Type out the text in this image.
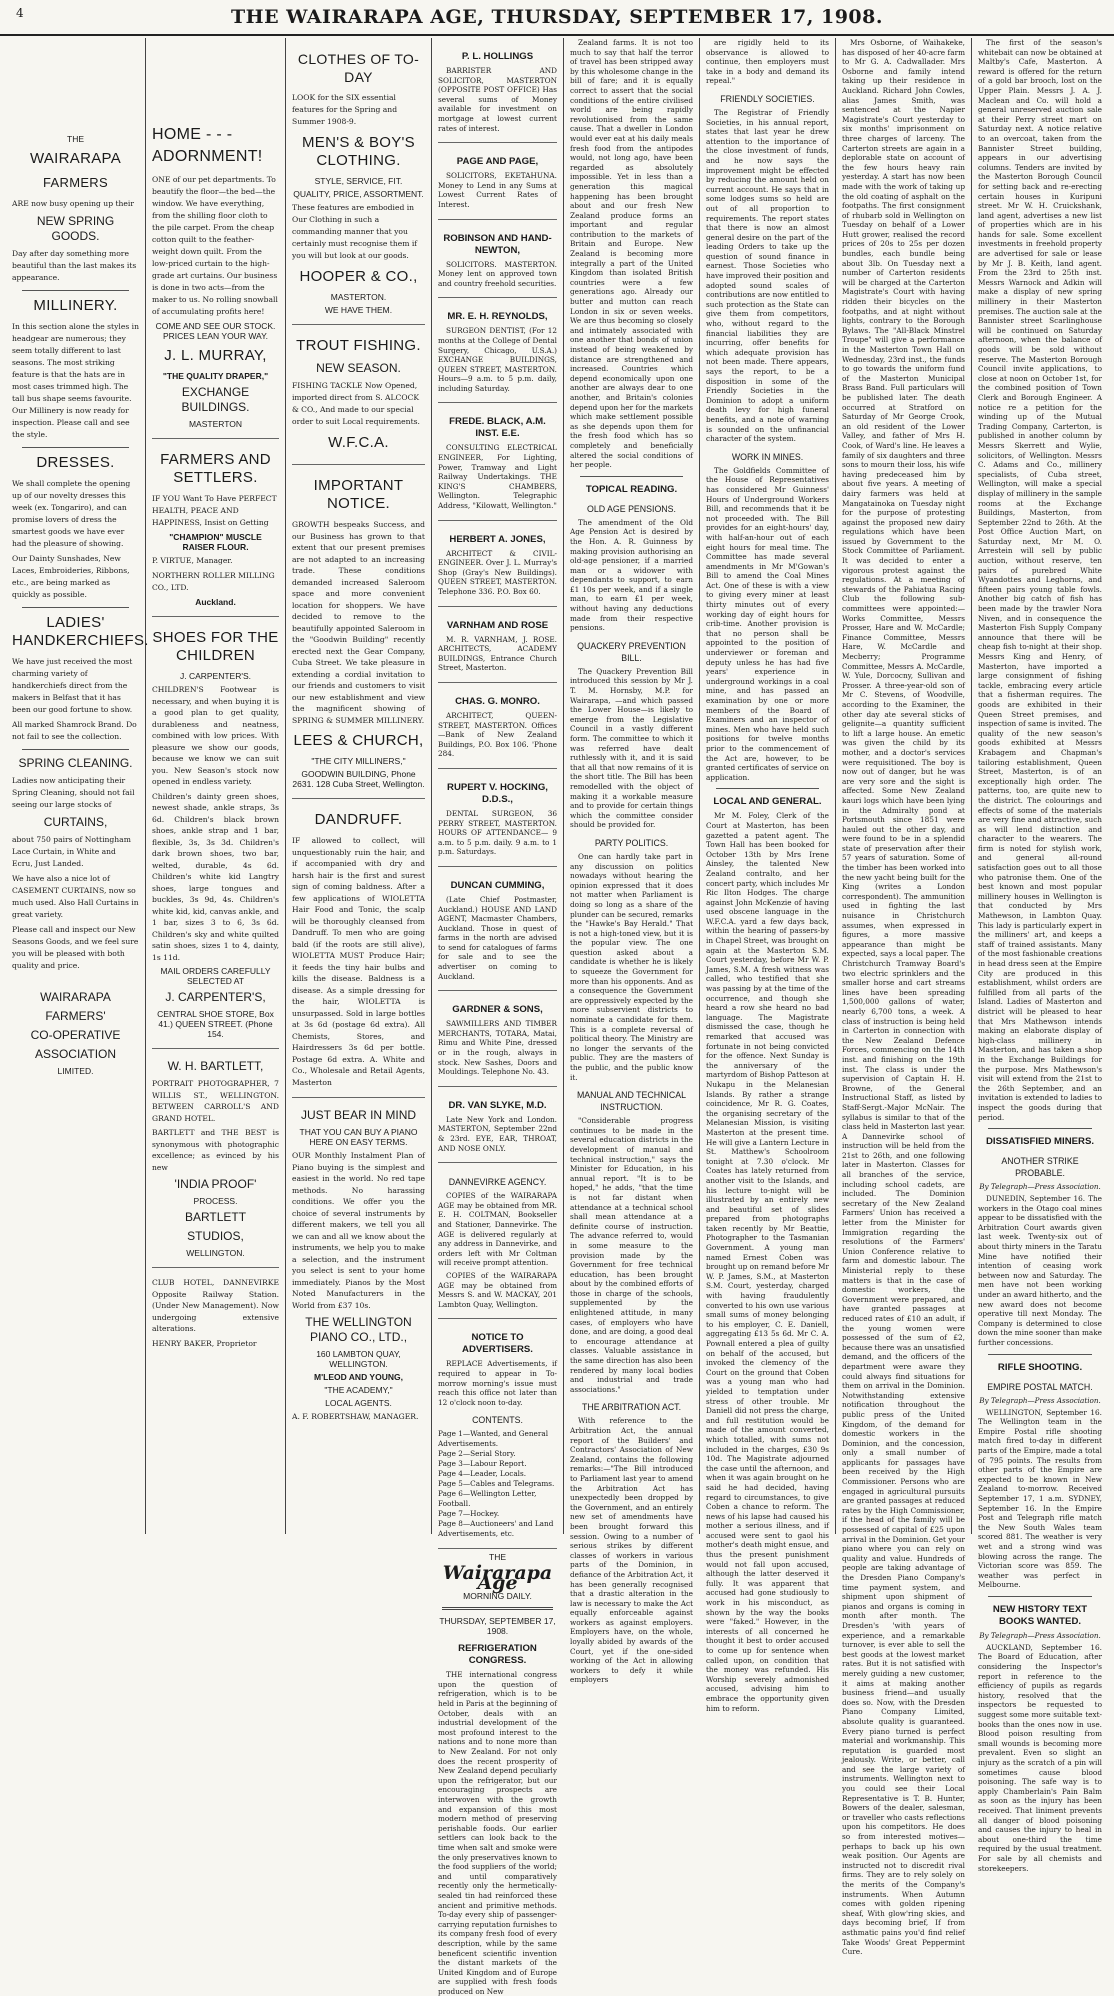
4	THE WAIRARAPA AGE, THURSDAY, SEPTEMBER 17, 1908.
THE
WAIRARAPA
FARMERS
ARE now busy opening up their
NEW SPRING GOODS.
Day after day something more beautiful than the last makes its appearance.
MILLINERY.
In this section alone the styles in headgear are numerous; they seem totally different to last seasons. The most striking feature is that the hats are in most cases trimmed high. The tall bus shape seems favourite. Our Millinery is now ready for inspection. Please call and see the style.
DRESSES.
We shall complete the opening up of our novelty dresses this week (ex. Tongariro), and can promise lovers of dress the smartest goods we have ever had the pleasure of showing.
Our Dainty Sunshades, New Laces, Embroideries, Ribbons, etc., are being marked as quickly as possible.
LADIES' HANDKERCHIEFS.
We have just received the most charming variety of handkerchiefs direct from the makers in Belfast that it has been our good fortune to show.
All marked Shamrock Brand. Do not fail to see the collection.
SPRING CLEANING.
Ladies now anticipating their Spring Cleaning, should not fail seeing our large stocks of
CURTAINS,
about 750 pairs of Nottingham Lace Curtain, in White and Ecru, Just Landed.
We have also a nice lot of CASEMENT CURTAINS, now so much used. Also Hall Curtains in great variety.
Please call and inspect our New Seasons Goods, and we feel sure you will be pleased with both quality and price.
WAIRARAPA
FARMERS'
CO-OPERATIVE
ASSOCIATION
LIMITED.
HOME - - - ADORNMENT!
ONE of our pet departments. To beautify the floor—the bed—the window. We have everything, from the shilling floor cloth to the pile carpet. From the cheap cotton quilt to the feather-weight down quilt. From the low-priced curtain to the high-grade art curtains. Our business is done in two acts—from the maker to us. No rolling snowball of accumulating profits here!
COME AND SEE OUR STOCK. PRICES LEAN YOUR WAY.
J. L. MURRAY,
"THE QUALITY DRAPER,"
EXCHANGE BUILDINGS.
MASTERTON
FARMERS AND SETTLERS.
IF YOU Want To Have PERFECT HEALTH, PEACE AND HAPPINESS, Insist on Getting
"CHAMPION" MUSCLE RAISER FLOUR.
P. VIRTUE, Manager.
NORTHERN ROLLER MILLING CO., LTD.
Auckland.
SHOES FOR THE CHILDREN
J. CARPENTER'S.
CHILDREN'S Footwear is necessary, and when buying it is a good plan to get quality, durableness and neatness, combined with low prices. With pleasure we show our goods, because we know we can suit you. New Season's stock now opened in endless variety.
Children's dainty green shoes, newest shade, ankle straps, 3s 6d. Children's black brown shoes, ankle strap and 1 bar, flexible, 3s, 3s 3d. Children's dark brown shoes, two bar, welted, durable, 4s 6d. Children's white kid Langtry shoes, large tongues and buckles, 3s 9d, 4s. Children's white kid, kid, canvas ankle, and 1 bar, sizes 3 to 6, 3s 6d. Children's sky and white quilted satin shoes, sizes 1 to 4, dainty, 1s 11d.
MAIL ORDERS CAREFULLY SELECTED AT
J. CARPENTER'S,
CENTRAL SHOE STORE, Box 41.) QUEEN STREET. (Phone 154.
W. H. BARTLETT,
PORTRAIT PHOTOGRAPHER, 7 WILLIS ST., WELLINGTON. BETWEEN CARROLL'S AND GRAND HOTEL.
BARTLETT and THE BEST is synonymous with photographic excellence; as evinced by his new
'INDIA PROOF'
PROCESS.
BARTLETT
STUDIOS,
WELLINGTON.
CLUB HOTEL, DANNEVIRKE Opposite Railway Station. (Under New Management). Now undergoing extensive alterations.
HENRY BAKER, Proprietor
CLOTHES OF TO-DAY
LOOK for the SIX essential features for the Spring and Summer 1908-9.
MEN'S & BOY'S CLOTHING.
STYLE, SERVICE, FIT.
QUALITY, PRICE, ASSORTMENT.
These features are embodied in Our Clothing in such a commanding manner that you certainly must recognise them if you will but look at our goods.
HOOPER & CO.,
MASTERTON.
WE HAVE THEM.
TROUT FISHING.
NEW SEASON.
FISHING TACKLE Now Opened, imported direct from S. ALCOCK & CO., And made to our special order to suit Local requirements.
W.F.C.A.
IMPORTANT NOTICE.
GROWTH bespeaks Success, and our Business has grown to that extent that our present premises are not adapted to an increasing trade. These conditions demanded increased Saleroom space and more convenient location for shoppers. We have decided to remove to the beautifully appointed Saleroom in the "Goodwin Building" recently erected next the Gear Company, Cuba Street. We take pleasure in extending a cordial invitation to our friends and customers to visit our new establishment and view the magnificent showing of SPRING & SUMMER MILLINERY.
LEES & CHURCH,
"THE CITY MILLINERS,"
GOODWIN BUILDING, Phone 2631. 128 Cuba Street, Wellington.
DANDRUFF.
IF allowed to collect, will unquestionably ruin the hair, and if accompanied with dry and harsh hair is the first and surest sign of coming baldness. After a few applications of WIOLETTA Hair Food and Tonic, the scalp will be thoroughly cleansed from Dandruff. To men who are going bald (if the roots are still alive), WIOLETTA MUST Produce Hair; it feeds the tiny hair bulbs and kills the disease. Baldness is a disease. As a simple dressing for the hair, WIOLETTA is unsurpassed. Sold in large bottles at 3s 6d (postage 6d extra). All Chemists, Stores, and Hairdressers 3s 6d per bottle. Postage 6d extra. A. White and Co., Wholesale and Retail Agents, Masterton
JUST BEAR IN MIND
THAT YOU CAN BUY A PIANO HERE ON EASY TERMS.
OUR Monthly Instalment Plan of Piano buying is the simplest and easiest in the world. No red tape methods. No harassing conditions. We offer you the choice of several instruments by different makers, we tell you all we can and all we know about the instruments, we help you to make a selection, and the instrument you select is sent to your home immediately. Pianos by the Most Noted Manufacturers in the World from £37 10s.
THE WELLINGTON PIANO CO., LTD.,
160 LAMBTON QUAY, WELLINGTON.
M'LEOD AND YOUNG,
"THE ACADEMY,"
LOCAL AGENTS.
A. F. ROBERTSHAW, MANAGER.
P. L. HOLLINGS
BARRISTER AND SOLICITOR, MASTERTON (OPPOSITE POST OFFICE) Has several sums of Money available for investment on mortgage at lowest current rates of interest.
PAGE AND PAGE,
SOLICITORS, EKETAHUNA. Money to Lend in any Sums at Lowest Current Rates of Interest.
ROBINSON AND HAND-NEWTON,
SOLICITORS. MASTERTON. Money lent on approved town and country freehold securities.
MR. E. H. REYNOLDS,
SURGEON DENTIST, (For 12 months at the College of Dental Surgery, Chicago, U.S.A.) EXCHANGE BUILDINGS, QUEEN STREET, MASTERTON. Hours—9 a.m. to 5 p.m. daily, including Saturday.
FREDE. BLACK, A.M. INST. E.E.
CONSULTING ELECTRICAL ENGINEER, For Lighting, Power, Tramway and Light Railway Undertakings. THE KING'S CHAMBERS, Wellington. Telegraphic Address, "Kilowatt, Wellington."
HERBERT A. JONES,
ARCHITECT & CIVIL-ENGINEER. Over J. L. Murray's Shop (Gray's New Buildings). QUEEN STREET, MASTERTON. Telephone 336. P.O. Box 60.
VARNHAM AND ROSE
M. R. VARNHAM, J. ROSE. ARCHITECTS, ACADEMY BUILDINGS, Entrance Church Street, Masterton.
CHAS. G. MONRO.
ARCHITECT, QUEEN-STREET, MASTERTON. Offices—Bank of New Zealand Buildings, P.O. Box 106. 'Phone 284.
RUPERT V. HOCKING, D.D.S.,
DENTAL SURGEON, 36 PERRY STREET, MASTERTON. HOURS OF ATTENDANCE— 9 a.m. to 5 p.m. daily. 9 a.m. to 1 p.m. Saturdays.
DUNCAN CUMMING,
(Late Chief Postmaster, Auckland.) HOUSE AND LAND AGENT, Macmaster Chambers, Auckland. Those in quest of farms in the north are advised to send for catalogues of farms for sale and to see the advertiser on coming to Auckland.
GARDNER & SONS,
SAWMILLERS AND TIMBER MERCHANTS, TOTARA, Matai, Rimu and White Pine, dressed or in the rough, always in stock. New Sashes, Doors and Mouldings. Telephone No. 43.
DR. VAN SLYKE, M.D.
Late New York and London. MASTERTON, September 22nd & 23rd. EYE, EAR, THROAT, AND NOSE ONLY.
DANNEVIRKE AGENCY.
COPIES of the WAIRARAPA AGE may be obtained from MR. E. H. COLTMAN, Bookseller and Stationer, Dannevirke. The AGE is delivered regularly at any address in Dannevirke, and orders left with Mr Coltman will receive prompt attention.
COPIES of the WAIRARAPA AGE may be obtained from Messrs S. and W. MACKAY, 201 Lambton Quay, Wellington.
NOTICE TO ADVERTISERS.
REPLACE Advertisements, if required to appear in To-morrow morning's issue must reach this office not later than 12 o'clock noon to-day.
CONTENTS.
Page 1—Wanted, and General Advertisements.
Page 2—Serial Story.
Page 3—Labour Report.
Page 4—Leader, Locals.
Page 5—Cables and Telegrams.
Page 6—Wellington Letter, Football.
Page 7—Hockey.
Page 8—Auctioneers' and Land Advertisements, etc.
THE
Wairarapa Age
MORNING DAILY.
THURSDAY, SEPTEMBER 17, 1908.
REFRIGERATION CONGRESS.
THE international congress upon the question of refrigeration, which is to be held in Paris at the beginning of October, deals with an industrial development of the most profound interest to the nations and to none more than to New Zealand. For not only does the recent prosperity of New Zealand depend peculiarly upon the refrigerator, but our encouraging prospects are interwoven with the growth and expansion of this most modern method of preserving perishable foods. Our earlier settlers can look back to the time when salt and smoke were the only preservatives known to the food suppliers of the world; and until comparatively recently only the hermetically-sealed tin had reinforced these ancient and primitive methods. To-day every ship of passenger-carrying reputation furnishes to its company fresh food of every description, while by the same beneficent scientific invention the distant markets of the United Kingdom and of Europe are supplied with fresh foods produced on New
Zealand farms. It is not too much to say that half the terror of travel has been stripped away by this wholesome change in the bill of fare; and it is equally correct to assert that the social conditions of the entire civilised world are being rapidly revolutionised from the same cause. That a dweller in London would ever eat at his daily meals fresh food from the antipodes would, not long ago, have been regarded as absolutely impossible. Yet in less than a generation this magical happening has been brought about and our fresh New Zealand produce forms an important and regular contribution to the markets of Britain and Europe. New Zealand is becoming more integrally a part of the United Kingdom than isolated British countries were a few generations ago. Already our butter and mutton can reach London in six or seven weeks. We are thus becoming so closely and intimately associated with one another that bonds of union instead of being weakened by distance are strengthened and increased. Countries which depend economically upon one another are always dear to one another, and Britain's colonies depend upon her for the markets which make settlement possible as she depends upon them for the fresh food which has so completely and beneficially altered the social conditions of her people.
TOPICAL READING.
OLD AGE PENSIONS.
The amendment of the Old Age Pension Act is desired by the Hon. A. R. Guinness by making provision authorising an old-age pensioner, if a married man or a widower with dependants to support, to earn £1 10s per week, and if a single man, to earn £1 per week, without having any deductions made from their respective pensions.
QUACKERY PREVENTION BILL.
The Quackery Prevention Bill introduced this session by Mr J. T. M. Hornsby, M.P. for Wairarapa, —and which passed the Lower House—is likely to emerge from the Legislative Council in a vastly different form. The committee to which it was referred have dealt ruthlessly with it, and it is said that all that now remains of it is the short title. The Bill has been remodelled with the object of making it a workable measure and to provide for certain things which the committee consider should be provided for.
PARTY POLITICS.
One can hardly take part in any discussion on politics nowadays without hearing the opinion expressed that it does not matter when Parliament is doing so long as a share of the plunder can be secured, remarks the "Hawke's Bay Herald." That is not a high-toned view, but it is the popular view. The one question asked about a candidate is whether he is likely to squeeze the Government for more than his opponents. And as a consequence the Government are oppressively expected by the more subservient districts to nominate a candidate for them. This is a complete reversal of political theory. The Ministry are no longer the servants of the public. They are the masters of the public, and the public know it.
MANUAL AND TECHNICAL INSTRUCTION.
"Considerable progress continues to be made in the several education districts in the development of manual and technical instruction," says the Minister for Education, in his annual report. "It is to be hoped," he adds, "that the time is not far distant when attendance at a technical school shall mean attendance at a definite course of instruction. The advance referred to, would in some measure to the provision made by the Government for free technical education, has been brought about by the combined efforts of those in charge of the schools, supplemented by the enlightened attitude, in many cases, of employers who have done, and are doing, a good deal to encourage attendance at classes. Valuable assistance in the same direction has also been rendered by many local bodies and industrial and trade associations."
THE ARBITRATION ACT.
With reference to the Arbitration Act, the annual report of the Builders' and Contractors' Association of New Zealand, contains the following remarks:—"The Bill introduced to Parliament last year to amend the Arbitration Act has unexpectedly been dropped by the Government, and an entirely new set of amendments have been brought forward this session. Owing to a number of serious strikes by different classes of workers in various parts of the Dominion, in defiance of the Arbitration Act, it has been generally recognised that a drastic alteration in the law is necessary to make the Act equally enforceable against workers as against employers. Employers have, on the whole, loyally abided by awards of the Court, yet if the one-sided working of the Act in allowing workers to defy it while employers
are rigidly held to its observance is allowed to continue, then employers must take in a body and demand its repeal."
FRIENDLY SOCIETIES.
The Registrar of Friendly Societies, in his annual report, states that last year he drew attention to the importance of the close investment of funds, and he now says the improvement might be effected by reducing the amount held on current account. He says that in some lodges sums so held are out of all proportion to requirements. The report states that there is now an almost general desire on the part of the leading Orders to take up the question of sound finance in earnest. Those Societies who have improved their position and adopted sound scales of contributions are now entitled to such protection as the State can give them from competitors, who, without regard to the financial liabilities they are incurring, offer benefits for which adequate provision has not been made. There appears, says the report, to be a disposition in some of the Friendly Societies in the Dominion to adopt a uniform death levy for high funeral benefits, and a note of warning is sounded on the unfinancial character of the system.
WORK IN MINES.
The Goldfields Committee of the House of Representatives has considered Mr Guinness' Hours of Underground Workers Bill, and recommends that it be not proceeded with. The Bill provides for an eight-hours' day, with half-an-hour out of each eight hours for meal time. The Committee has made several amendments in Mr M'Gowan's Bill to amend the Coal Mines Act. One of these is with a view to giving every miner at least thirty minutes out of every working day of eight hours for crib-time. Another provision is that no person shall be appointed to the position of underviewer or foreman and deputy unless he has had five years' experience in underground workings in a coal mine, and has passed an examination by one or more members of the Board of Examiners and an inspector of mines. Men who have held such positions for twelve months prior to the commencement of the Act are, however, to be granted certificates of service on application.
LOCAL AND GENERAL.
Mr M. Foley, Clerk of the Court at Masterton, has been gazetted a patent agent. The Town Hall has been booked for October 13th by Mrs Irene Ainsley, the talented New Zealand contralto, and her concert party, which includes Mr Ric Ilton Hodges. The charge against John McKenzie of having used obscene language in the W.F.C.A. yard a few days back, within the hearing of passers-by in Chapel Street, was brought on again at the Masterton S.M. Court yesterday, before Mr W. P. James, S.M. A fresh witness was called, who testified that she was passing by at the time of the occurrence, and though she heard a row she heard no bad language. The Magistrate dismissed the case, though he remarked that accused was fortunate in not being convicted for the offence. Next Sunday is the anniversary of the martyrdom of Bishop Patteson at Nukapu in the Melanesian Islands. By rather a strange coincidence, Mr R. G. Coates, the organising secretary of the Melanesian Mission, is visiting Masterton at the present time. He will give a Lantern Lecture in St. Matthew's Schoolroom tonight at 7.30 o'clock. Mr Coates has lately returned from another visit to the Islands, and his lecture to-night will be illustrated by an entirely new and beautiful set of slides prepared from photographs taken recently by Mr Beattie, Photographer to the Tasmanian Government. A young man named Ernest Coben was brought up on remand before Mr W. P. James, S.M., at Masterton S.M. Court, yesterday, charged with having fraudulently converted to his own use various small sums of money belonging to his employer, C. E. Daniell, aggregating £13 5s 6d. Mr C. A. Pownall entered a plea of guilty on behalf of the accused, but invoked the clemency of the Court on the ground that Coben was a young man who had yielded to temptation under stress of other trouble. Mr Daniell did not press the charge, and full restitution would be made of the amount converted, which totalled, with sums not included in the charges, £30 9s 10d. The Magistrate adjourned the case until the afternoon, and when it was again brought on he said he had decided, having regard to circumstances, to give Coben a chance to reform. The news of his lapse had caused his mother a serious illness, and if accused were sent to gaol his mother's death might ensue, and thus the present punishment would not fall upon accused, although the latter deserved it fully. It was apparent that accused had gone studiously to work in his misconduct, as shown by the way the books were "faked." However, in the interests of all concerned he thought it best to order accused to come up for sentence when called upon, on condition that the money was refunded. His Worship severely admonished accused, advising him to embrace the opportunity given him to reform.
Mrs Osborne, of Waihakeke, has disposed of her 40-acre farm to Mr G. A. Cadwallader. Mrs Osborne and family intend taking up their residence in Auckland. Richard John Cowles, alias James Smith, was sentenced at the Napier Magistrate's Court yesterday to six months' imprisonment on three charges of larceny. The Carterton streets are again in a deplorable state on account of the few hours heavy rain yesterday. A start has now been made with the work of taking up the old coating of asphalt on the footpaths. The first consignment of rhubarb sold in Wellington on Tuesday on behalf of a Lower Hutt grower, realised the record prices of 20s to 25s per dozen bundles, each bundle being about 3lb. On Tuesday next a number of Carterton residents will be charged at the Carterton Magistrate's Court with having ridden their bicycles on the footpaths, and at night without lights, contrary to the Borough Bylaws. The "All-Black Minstrel Troupe" will give a performance in the Masterton Town Hall on Wednesday, 23rd inst., the funds to go towards the uniform fund of the Masterton Municipal Brass Band. Full particulars will be published later. The death occurred at Stratford on Saturday of Mr George Crook, an old resident of the Lower Valley, and father of Mrs H. Cook, of Ward's line. He leaves a family of six daughters and three sons to mourn their loss, his wife having predeceased him by about five years. A meeting of dairy farmers was held at Mangatainoka on Tuesday night for the purpose of protesting against the proposed new dairy regulations which have been issued by Government to the Stock Committee of Parliament. It was decided to enter a vigorous protest against the regulations. At a meeting of stewards of the Pahiatua Racing Club the following sub-committees were appointed:—Works Committee, Messrs Prosser, Hare and W. McCardle; Finance Committee, Messrs Hare, W. McCardle and Mecberry; Programme Committee, Messrs A. McCardle, W. Yule, Dorcocny, Sullivan and Prosser. A three-year-old son of Mr C. Stevens, of Woodville, according to the Examiner, the other day ate several sticks of gelignite—a quantity sufficient to lift a large house. An emetic was given the child by its mother, and a doctor's services were requisitioned. The boy is now out of danger, but he was are very sore and the sight is affected. Some New Zealand kauri logs which have been lying in the Admiralty pond at Portsmouth since 1851 were hauled out the other day, and were found to be in a splendid state of preservation after their 57 years of saturation. Some of the timber has been worked into the new yacht being built for the King (writes a London correspondent). The ammunition used in fighting the last nuisance in Christchurch assumes, when expressed in figures, a more massive appearance than might be expected, says a local paper. The Christchurch Tramway Board's two electric sprinklers and the smaller horse and cart streams lines have been spreading 1,500,000 gallons of water, nearly 6,700 tons, a week. A class of instruction is being held in Carterton in connection with the New Zealand Defence Forces, commencing on the 14th inst. and finishing on the 19th inst. The class is under the supervision of Captain H. H. Browne, of the General Instructional Staff, as listed by Staff-Sergt.-Major McNair. The syllabus is similar to that of the class held in Masterton last year. A Dannevirke school of instruction will be held from the 21st to 26th, and one following later in Masterton. Classes for all branches of the service, including school cadets, are included. The Dominion secretary of the New Zealand Farmers' Union has received a letter from the Minister for Immigration regarding the resolutions of the Farmers' Union Conference relative to farm and domestic labour. The Ministerial reply to these matters is that in the case of domestic workers, the Government were prepared, and have granted passages at reduced rates of £10 an adult, if the young women were possessed of the sum of £2, because there was an unsatisfied demand, and the officers of the department were aware they could always find situations for them on arrival in the Dominion. Notwithstanding extensive notification throughout the public press of the United Kingdom, of the demand for domestic workers in the Dominion, and the concession, only a small number of applicants for passages have been received by the High Commissioner. Persons who are engaged in agricultural pursuits are granted passages at reduced rates by the High Commissioner, if the head of the family will be possessed of capital of £25 upon arrival in the Dominion. Get your piano where you can rely on quality and value. Hundreds of people are taking advantage of the Dresden Piano Company's time payment system, and shipment upon shipment of pianos and organs is coming in month after month. The Dresden's 'with years of experience, and a remarkable turnover, is ever able to sell the best goods at the lowest market rates. But it is not satisfied with merely guiding a new customer, it aims at making another business friend—and usually does so. Now, with the Dresden Piano Company Limited, absolute quality is guaranteed. Every piano turned is perfect material and workmanship. This reputation is guarded most jealously. Write, or better, call and see the large variety of instruments. Wellington next to you could see their Local Representative is T. B. Hunter, Bowers of the dealer, salesman, or traveller who casts reflections upon his competitors. He does so from interested motives—perhaps to back up his own weak position. Our Agents are instructed not to discredit rival firms. They are to rely solely on the merits of the Company's instruments. When Autumn comes with golden ripening sheaf, With glow'ring skies, and days becoming brief, If from asthmatic pains you'd find relief Take Woods' Great Peppermint Cure.
The first of the season's whitebait can now be obtained at Maltby's Cafe, Masterton. A reward is offered for the return of a gold bar brooch, lost on the Upper Plain. Messrs J. A. J. Maclean and Co. will hold a general unreserved auction sale at their Perry street mart on Saturday next. A notice relative to an overcoat, taken from the Bannister Street building, appears in our advertising columns. Tenders are invited by the Masterton Borough Council for setting back and re-erecting certain houses in Kuripuni street. Mr W. H. Cruickshank, land agent, advertises a new list of properties which are in his hands for sale. Some excellent investments in freehold property are advertised for sale or lease by Mr J. B. Keith, land agent. From the 23rd to 25th inst. Messrs Warnock and Adkin will make a display of new spring millinery in their Masterton premises. The auction sale at the Bannister street Scarlinghouse will be continued on Saturday afternoon, when the balance of goods will be sold without reserve. The Masterton Borough Council invite applications, to close at noon on October 1st, for the combined position of Town Clerk and Borough Engineer. A notice re a petition for the winding up of the Mutual Trading Company, Carterton, is published in another column by Messrs Skerrett and Wylie, solicitors, of Wellington. Messrs C. Adams and Co., millinery specialists, of Cuba street, Wellington, will make a special display of millinery in the sample rooms at the Exchange Buildings, Masterton, from September 22nd to 26th. At the Post Office Auction Mart, on Saturday next, Mr M. O. Arrestein will sell by public auction, without reserve, ten pairs of purebred White Wyandottes and Leghorns, and fifteen pairs young table fowls. Another big catch of fish has been made by the trawler Nora Niven, and in consequence the Masterton Fish Supply Company announce that there will be cheap fish to-night at their shop. Messrs King and Henry, of Masterton, have imported a large consignment of fishing tackle, embracing every article that a fisherman requires. The goods are exhibited in their Queen Street premises, and inspection of same is invited. The quality of the new season's goods exhibited at Messrs Krabagem and Chapman's tailoring establishment, Queen Street, Masterton, is of an exceptionally high order. The patterns, too, are quite new to the district. The colourings and effects of some of the materials are very fine and attractive, such as will lend distinction and character to the wearers. The firm is noted for stylish work, and general all-round satisfaction goes out to all those who patronise them. One of the best known and most popular millinery houses in Wellington is that conducted by Mrs Mathewson, in Lambton Quay. This lady is particularly expert in the milliners' art, and keeps a staff of trained assistants. Many of the most fashionable creations in head dress seen at the Empire City are produced in this establishment, whilst orders are fulfilled from all parts of the Island. Ladies of Masterton and district will be pleased to hear that Mrs Mathewson intends making an elaborate display of high-class millinery in Masterton, and has taken a shop in the Exchange Buildings for the purpose. Mrs Mathewson's visit will extend from the 21st to the 26th September, and an invitation is extended to ladies to inspect the goods during that period.
DISSATISFIED MINERS.
ANOTHER STRIKE PROBABLE.
By Telegraph—Press Association.
DUNEDIN, September 16. The workers in the Otago coal mines appear to be dissatisfied with the Arbitration Court awards given last week. Twenty-six out of about thirty miners in the Taratu Mine have notified their intention of ceasing work between now and Saturday. The men have not been working under an award hitherto, and the new award does not become operative till next Monday. The Company is determined to close down the mine sooner than make further concessions.
RIFLE SHOOTING.
EMPIRE POSTAL MATCH.
By Telegraph—Press Association.
WELLINGTON, September 16. The Wellington team in the Empire Postal rifle shooting match fired to-day in different parts of the Empire, made a total of 795 points. The results from other parts of the Empire are expected to be known in New Zealand to-morrow. Received September 17, 1 a.m. SYDNEY, September 16. In the Empire Post and Telegraph rifle match the New South Wales team scored 881. The weather is very wet and a strong wind was blowing across the range. The Victorian score was 859. The weather was perfect in Melbourne.
NEW HISTORY TEXT BOOKS WANTED.
By Telegraph—Press Association.
AUCKLAND, September 16. The Board of Education, after considering the Inspector's report in reference to the efficiency of pupils as regards history, resolved that the inspectors be requested to suggest some more suitable text-books than the ones now in use. Blood poison resulting from small wounds is becoming more prevalent. Even so slight an injury as the scratch of a pin will sometimes cause blood poisoning. The safe way is to apply Chamberlain's Pain Balm as soon as the injury has been received. That liniment prevents all danger of blood poisoning and causes the injury to heal in about one-third the time required by the usual treatment. For sale by all chemists and storekeepers.
